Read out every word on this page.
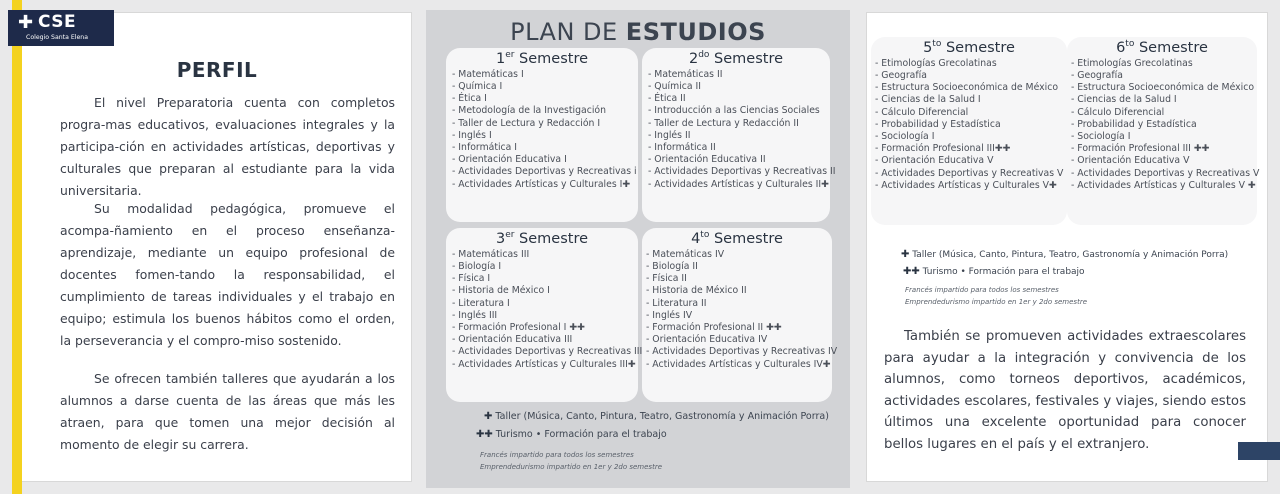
✚ CSE
Colegio Santa Elena
PERFIL

El nivel Preparatoria cuenta con completos progra-mas educativos, evaluaciones integrales y la participa-ción en actividades artísticas, deportivas y culturales que preparan al estudiante para la vida universitaria.

Su modalidad pedagógica, promueve el acompa-ñamiento en el proceso enseñanza-aprendizaje, mediante un equipo profesional de docentes fomen-tando la responsabilidad, el cumplimiento de tareas individuales y el trabajo en equipo; estimula los buenos hábitos como el orden, la perseverancia y el compro-miso sostenido.

Se ofrecen también talleres que ayudarán a los alumnos a darse cuenta de las áreas que más les atraen, para que tomen una mejor decisión al momento de elegir su carrera.

PLAN DE ESTUDIOS
1er Semestre
- Matemáticas I
- Química I
- Ética I
- Metodología de la Investigación
- Taller de Lectura y Redacción I
- Inglés I
- Informática I
- Orientación Educativa I
- Actividades Deportivas y Recreativas i
- Actividades Artísticas y Culturales I✚
$2^{do}$ Semestre
- Matemáticas II
- Química II
- Ética II
- Introducción a las Ciencias Sociales
- Taller de Lectura y Redacción II
- Inglés II
- Informática II
- Orientación Educativa II
- Actividades Deportivas y Recreativas II
- Actividades Artísticas y Culturales II✚
3er Semestre
- Matemáticas III
- Biología I
- Física I
- Historia de México I
- Literatura I
- Inglés III
- Formación Profesional I ✚✚
- Orientación Educativa III
- Actividades Deportivas y Recreativas III
- Actividades Artísticas y Culturales III✚
$4^{to}$ Semestre
- Matemáticas IV
- Biología II
- Física II
- Historia de México II
- Literatura II
- Inglés IV
- Formación Profesional II ✚✚
- Orientación Educativa IV
- Actividades Deportivas y Recreativas IV
- Actividades Artísticas y Culturales IV✚
✚ Taller (Música, Canto, Pintura, Teatro, Gastronomía y Animación Porra)
✚✚ Turismo • Formación para el trabajo
Francés impartido para todos los semestres
Emprendedurismo impartido en 1er y 2do semestre
$5^{to}$ Semestre
- Etimologías Grecolatinas
- Geografía
- Estructura Socioeconómica de México
- Ciencias de la Salud I
- Cálculo Diferencial
- Probabilidad y Estadística
- Sociología I
- Formación Profesional III✚✚
- Orientación Educativa V
- Actividades Deportivas y Recreativas V
- Actividades Artísticas y Culturales V✚
$6^{to}$ Semestre
- Etimologías Grecolatinas
- Geografía
- Estructura Socioeconómica de México
- Ciencias de la Salud I
- Cálculo Diferencial
- Probabilidad y Estadística
- Sociología I
- Formación Profesional III ✚✚
- Orientación Educativa V
- Actividades Deportivas y Recreativas V
- Actividades Artísticas y Culturales V ✚
✚ Taller (Música, Canto, Pintura, Teatro, Gastronomía y Animación Porra)
✚✚ Turismo • Formación para el trabajo
Francés impartido para todos los semestres
Emprendedurismo impartido en 1er y 2do semestre

También se promueven actividades extraescolares para ayudar a la integración y convivencia de los alumnos, como torneos deportivos, académicos, actividades escolares, festivales y viajes, siendo estos últimos una excelente oportunidad para conocer bellos lugares en el país y el extranjero.
